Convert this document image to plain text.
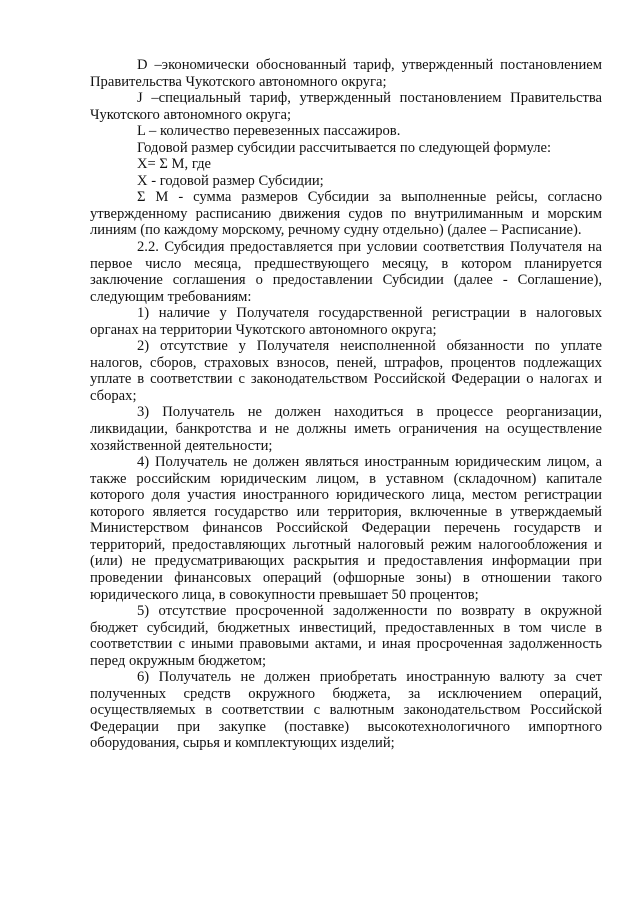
D –экономически обоснованный тариф, утвержденный постановлением Правительства Чукотского автономного округа;

J –специальный тариф, утвержденный постановлением Правительства Чукотского автономного округа;

L – количество перевезенных пассажиров.

Годовой размер субсидии рассчитывается по следующей формуле:

X= Σ M, где

X - годовой размер Субсидии;

Σ M - сумма размеров Субсидии за выполненные рейсы, согласно утвержденному расписанию движения судов по внутрилиманным и морским линиям (по каждому морскому, речному судну отдельно) (далее – Расписание).

2.2. Субсидия предоставляется при условии соответствия Получателя на первое число месяца, предшествующего месяцу, в котором планируется заключение соглашения о предоставлении Субсидии (далее - Соглашение), следующим требованиям:

1) наличие у Получателя государственной регистрации в налоговых органах на территории Чукотского автономного округа;

2) отсутствие у Получателя неисполненной обязанности по уплате налогов, сборов, страховых взносов, пеней, штрафов, процентов подлежащих уплате в соответствии с законодательством Российской Федерации о налогах и сборах;

3) Получатель не должен находиться в процессе реорганизации, ликвидации, банкротства и не должны иметь ограничения на осуществление хозяйственной деятельности;

4) Получатель не должен являться иностранным юридическим лицом, а также российским юридическим лицом, в уставном (складочном) капитале которого доля участия иностранного юридического лица, местом регистрации которого является государство или территория, включенные в утверждаемый Министерством финансов Российской Федерации перечень государств и территорий, предоставляющих льготный налоговый режим налогообложения и (или) не предусматривающих раскрытия и предоставления информации при проведении финансовых операций (офшорные зоны) в отношении такого юридического лица, в совокупности превышает 50 процентов;

5) отсутствие просроченной задолженности по возврату в окружной бюджет субсидий, бюджетных инвестиций, предоставленных в том числе в соответствии с иными правовыми актами, и иная просроченная задолженность перед окружным бюджетом;

6) Получатель не должен приобретать иностранную валюту за счет полученных средств окружного бюджета, за исключением операций, осуществляемых в соответствии с валютным законодательством Российской Федерации при закупке (поставке) высокотехнологичного импортного оборудования, сырья и комплектующих изделий;
